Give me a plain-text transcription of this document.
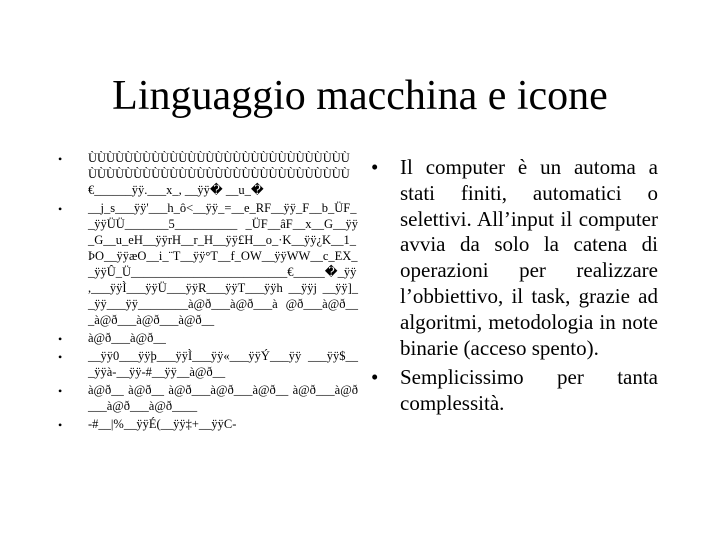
Linguaggio macchina e icone
• ÙÙÙÙÙÙÙÙÙÙÙÙÙÙÙÙÙÙÙÙÙÙÙÙÙÙÙÙÙÙÙÙÙÙÙÙÙÙÙÙÙÙÙÙÙÙÙÙÙÙÙÙÙÙÙÙÙÙ€______ÿÿ.___x_, __ÿÿ� __u_�
• __j_s___ÿÿ'___h_ô<__ÿÿ_=__e_RF__ÿÿ_F__b_ÜF__ÿÿÜÜ_______5__________ _ÜF__âF__x__G__ÿÿ_G__u_eH__ÿÿrH__r_H__ÿÿ£H__o_·K__ÿÿ¿K__1_ÞO__ÿÿæO__i_¨T__ÿÿ°T__f_OW__ÿÿWW__c_EX__ÿÿÛ_Ü_________________________€_____�_ÿÿ ,___ÿÿÌ___ÿÿÜ___ÿÿR___ÿÿT___ÿÿh __ÿÿj __ÿÿ]__ÿÿ___ÿÿ________à@ð___à@ð___à @ð___à@ð___à@ð___à@ð___à@ð__
• à@ð___à@ð__
• __ÿÿ0___ÿÿþ___ÿÿÌ___ÿÿ«___ÿÿÝ___ÿÿ ___ÿÿ$___ÿÿà-__ÿÿ-#__ÿÿ__à@ð__
• à@ð__ à@ð__ à@ð___à@ð___à@ð__ à@ð___à@ð___à@ð___à@ð____
• -#__|%__ÿÿÉ(__ÿÿ‡+__ÿÿC-
• Il computer è un automa a stati finiti, automatici o selettivi. All’input il computer avvia da solo la catena di operazioni per realizzare l’obbiettivo, il task, grazie ad algoritmi, metodologia in note binarie (acceso spento).
• Semplicissimo per tanta complessità.
